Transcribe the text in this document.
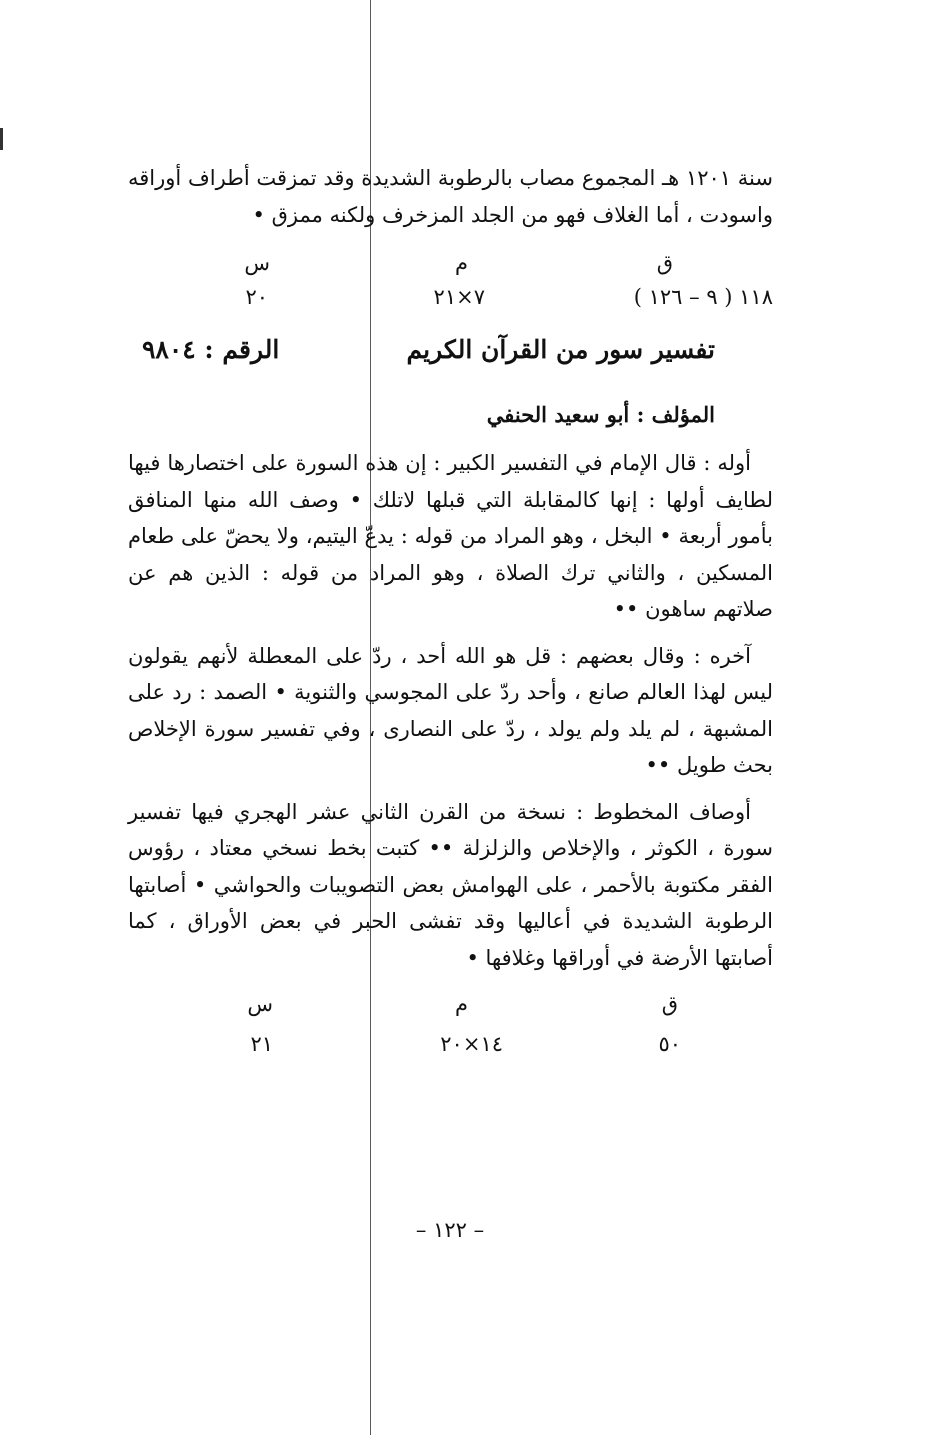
سنة ١٢٠١ هـ المجموع مصاب بالرطوبة الشديدة وقد تمزقت أطراف أوراقه واسودت ، أما الغلاف فهو من الجلد المزخرف ولكنه ممزق •

ق
م
س
١١٨ ( ٩ – ١٢٦ )
٧×٢١
٢٠
تفسير سور من القرآن الكريم
الرقم : ٩٨٠٤
المؤلف : أبو سعيد الحنفي

أوله : قال الإمام في التفسير الكبير : إن هذه السورة على اختصارها فيها لطايف أولها : إنها كالمقابلة التي قبلها لاتلك • وصف الله منها المنافق بأمور أربعة • البخل ، وهو المراد من قوله : يدعّ اليتيم، ولا يحضّ على طعام المسكين ، والثاني ترك الصلاة ، وهو المراد من قوله : الذين هم عن صلاتهم ساهون ••

آخره : وقال بعضهم : قل هو الله أحد ، ردّ على المعطلة لأنهم يقولون ليس لهذا العالم صانع ، وأحد ردّ على المجوسي والثنوية • الصمد : رد على المشبهة ، لم يلد ولم يولد ، ردّ على النصارى ، وفي تفسير سورة الإخلاص بحث طويل ••

أوصاف المخطوط : نسخة من القرن الثاني عشر الهجري فيها تفسير سورة ، الكوثر ، والإخلاص والزلزلة •• كتبت بخط نسخي معتاد ، رؤوس الفقر مكتوبة بالأحمر ، على الهوامش بعض التصويبات والحواشي • أصابتها الرطوبة الشديدة في أعاليها وقد تفشى الحبر في بعض الأوراق ، كما أصابتها الأرضة في أوراقها وغلافها •

ق
م
س
٥٠
١٤×٢٠
٢١
– ١٢٢ –
